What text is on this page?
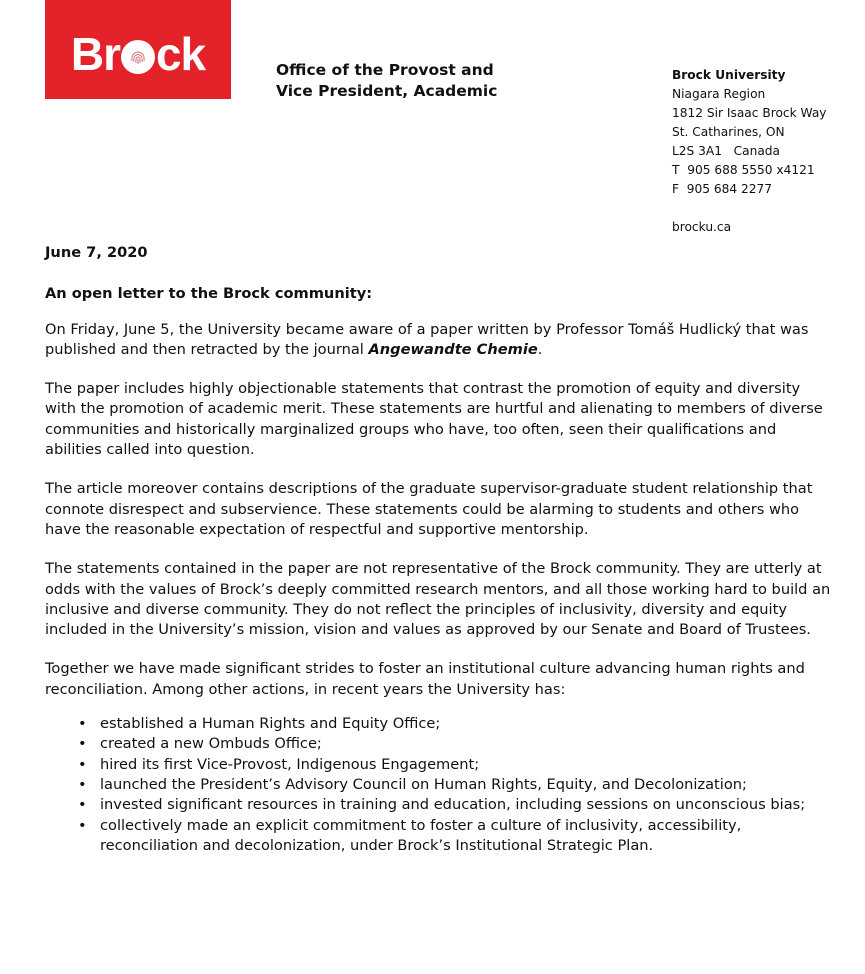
Br ck	Office of the Provost and
Vice President, Academic
Brock University
Niagara Region
1812 Sir Isaac Brock Way
St. Catharines, ON
L2S 3A1   Canada
T  905 688 5550 x4121
F  905 684 2277
brocku.ca
June 7, 2020
An open letter to the Brock community:

On Friday, June 5, the University became aware of a paper written by Professor Tomáš Hudlický that was published and then retracted by the journal Angewandte Chemie.

The paper includes highly objectionable statements that contrast the promotion of equity and diversity with the promotion of academic merit. These statements are hurtful and alienating to members of diverse communities and historically marginalized groups who have, too often, seen their qualifications and abilities called into question.

The article moreover contains descriptions of the graduate supervisor-graduate student relationship that connote disrespect and subservience. These statements could be alarming to students and others who have the reasonable expectation of respectful and supportive mentorship.

The statements contained in the paper are not representative of the Brock community. They are utterly at odds with the values of Brock’s deeply committed research mentors, and all those working hard to build an inclusive and diverse community. They do not reflect the principles of inclusivity, diversity and equity included in the University’s mission, vision and values as approved by our Senate and Board of Trustees.

Together we have made significant strides to foster an institutional culture advancing human rights and reconciliation. Among other actions, in recent years the University has:

• established a Human Rights and Equity Office;
• created a new Ombuds Office;
• hired its first Vice-Provost, Indigenous Engagement;
• launched the President’s Advisory Council on Human Rights, Equity, and Decolonization;
• invested significant resources in training and education, including sessions on unconscious bias;
• collectively made an explicit commitment to foster a culture of inclusivity, accessibility, reconciliation and decolonization, under Brock’s Institutional Strategic Plan.
